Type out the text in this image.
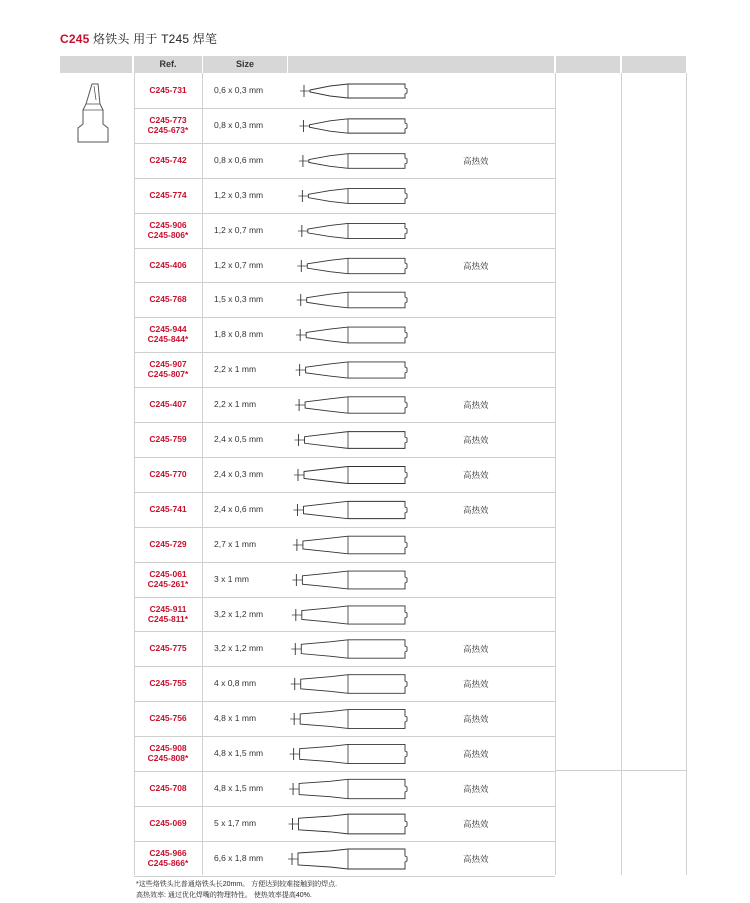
C245 烙铁头 用于 T245 焊笔
Ref.	Size
C245-731	0,6 x 0,3 mm
C245-773
C245-673*	0,8 x 0,3 mm
C245-742	0,8 x 0,6 mm	高热效
C245-774	1,2 x 0,3 mm
C245-906
C245-806*	1,2 x 0,7 mm
C245-406	1,2 x 0,7 mm	高热效
C245-768	1,5 x 0,3 mm
C245-944
C245-844*	1,8 x 0,8 mm
C245-907
C245-807*	2,2 x 1 mm
C245-407	2,2 x 1 mm	高热效
C245-759	2,4 x 0,5 mm	高热效
C245-770	2,4 x 0,3 mm	高热效
C245-741	2,4 x 0,6 mm	高热效
C245-729	2,7 x 1 mm
C245-061
C245-261*	3 x 1 mm
C245-911
C245-811*	3,2 x 1,2 mm
C245-775	3,2 x 1,2 mm	高热效
C245-755	4 x 0,8 mm	高热效
C245-756	4,8 x 1 mm	高热效
C245-908
C245-808*	4,8 x 1,5 mm	高热效
C245-708	4,8 x 1,5 mm	高热效
C245-069	5 x 1,7 mm	高热效
C245-966
C245-866*	6,6 x 1,8 mm	高热效
*这些烙铁头比普通烙铁头长20mm。 方便达到较难接触到的焊点.
高热效率: 通过优化焊嘴的物理特性。 使热效率提高40%.
